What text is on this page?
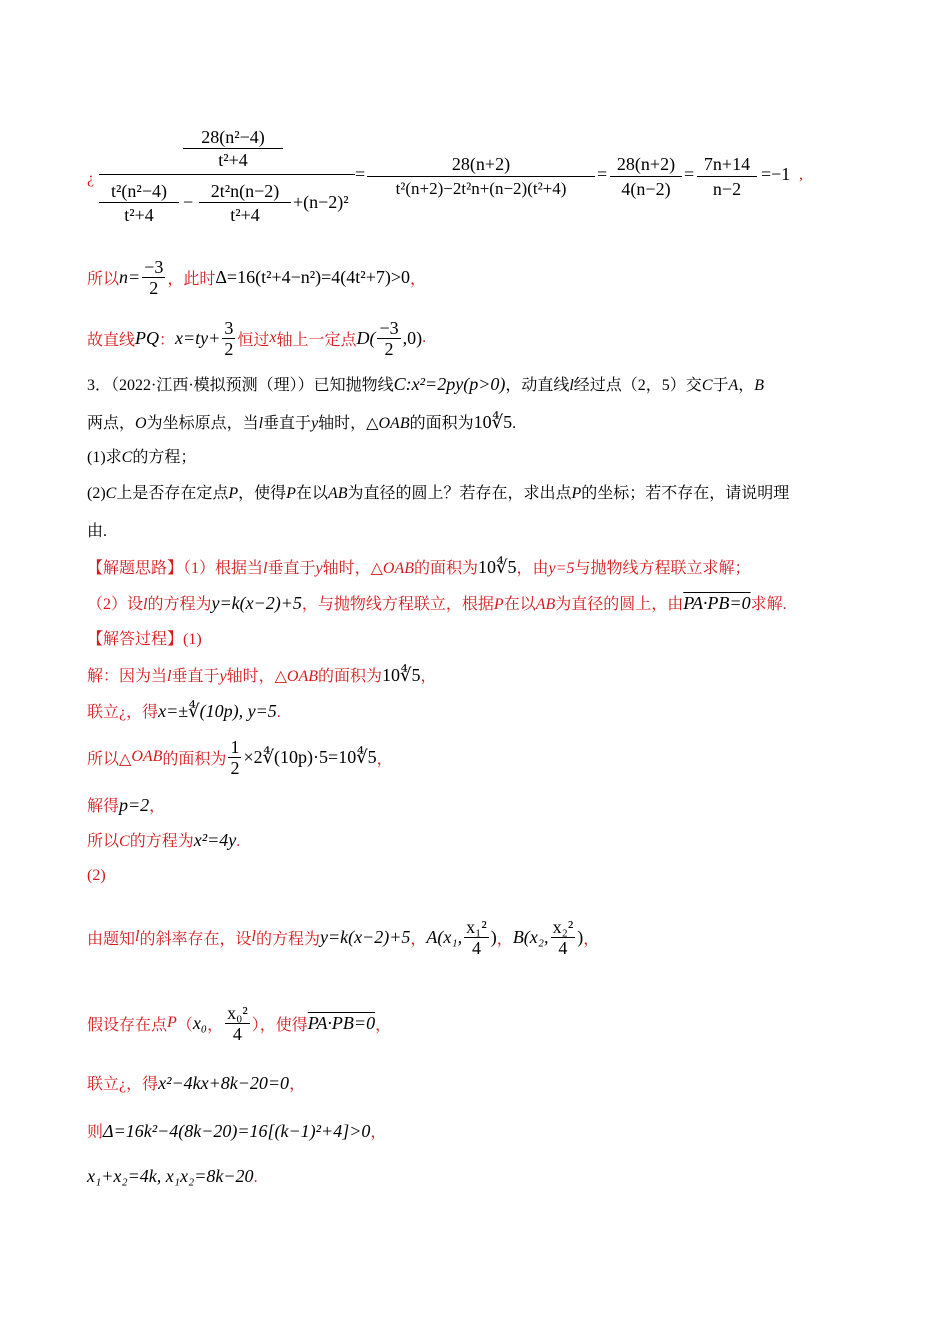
¿
28(n²−4)
t²+4
$\frac{\text{t²(n²−4)}}{\text{t²+4}} - \frac{\text{2t²n(n−2)}}{\text{t²+4}} +(n-2)^2$
= $\frac{28(n+2)}{\text{t²(n+2)−2t²n+(n−2)(t²+4)}} = \frac{28(n+2)}{4(n-2)} = \frac{7n+14}{n-2} =-1$ ,
所以 $n= \frac{-3}{2}$ ，此时 Δ=16(t²+4−n²)=4(4t²+7)>0 ，
故直线 PQ ： $x=ty+ \frac{3}{2}$ 恒过 x 轴上一定点 $D( \frac{-3}{2} ,0)$ .
3．（2022·江西·模拟预测（理））已知抛物线C:x²=2py(p>0)，动直线l经过点（2，5）交C于A，B
两点，O为坐标原点，当l垂直于y轴时，△OAB的面积为10∜5.
(1)求C的方程；
(2)C上是否存在定点P，使得P在以AB为直径的圆上？若存在，求出点P的坐标；若不存在，请说明理
由.
【解题思路】（1）根据当l垂直于y轴时，△OAB的面积为10∜5，由y=5与抛物线方程联立求解；
（2）设l的方程为y=k(x−2)+5，与抛物线方程联立，根据P在以AB为直径的圆上，由PA·PB=0求解.
【解答过程】(1)
解：因为当l垂直于y轴时，△OAB的面积为10∜5，
联立¿，得x=±∜(10p), y=5.
所以△ OAB 的面积为 $\frac{1}{2}$ ×2∜(10p)·5=10∜5 ，
解得p=2，
所以C的方程为x²=4y.
(2)
由题知 l 的斜率存在，设 l 的方程为 y=k(x−2)+5 ， A(x₁, $\frac{\text{x₁²}}{4}$ ) ， B(x₂, $\frac{\text{x₂²}}{4}$ ) ，
假设存在点 P （ x₀ ， $\frac{\text{x₀²}}{4}$ ），使得 PA·PB=0 ，
联立¿，得x²−4kx+8k−20=0，
则Δ=16k²−4(8k−20)=16[(k−1)²+4]>0，
x₁+x₂=4k, x₁x₂=8k−20.
